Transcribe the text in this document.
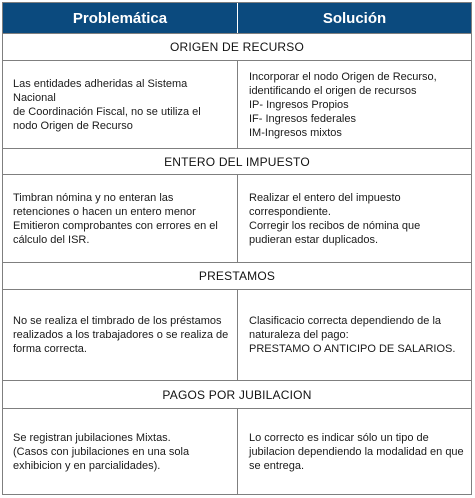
Problemática	Solución
ORIGEN DE RECURSO
Las entidades adheridas al Sistema Nacional
de Coordinación Fiscal, no se utiliza el
nodo Origen de Recurso
Incorporar el nodo Origen de Recurso,
identificando el origen de recursos
IP- Ingresos Propios
IF- Ingresos federales
IM-Ingresos mixtos
ENTERO DEL IMPUESTO
Timbran nómina y no enteran las
retenciones o hacen un entero menor
Emitieron comprobantes con errores en el
cálculo del ISR.
Realizar el entero del impuesto
correspondiente.
Corregir los recibos de nómina que
pudieran estar duplicados.
PRESTAMOS
No se realiza el timbrado de los préstamos
realizados a los trabajadores o se realiza de
forma correcta.
Clasificacio correcta dependiendo de la
naturaleza del pago:
PRESTAMO O ANTICIPO DE SALARIOS.
PAGOS POR JUBILACION
Se registran jubilaciones Mixtas.
(Casos con jubilaciones en una sola
exhibicion y en parcialidades).
Lo correcto es indicar sólo un tipo de
jubilacion dependiendo la modalidad en que
se entrega.
